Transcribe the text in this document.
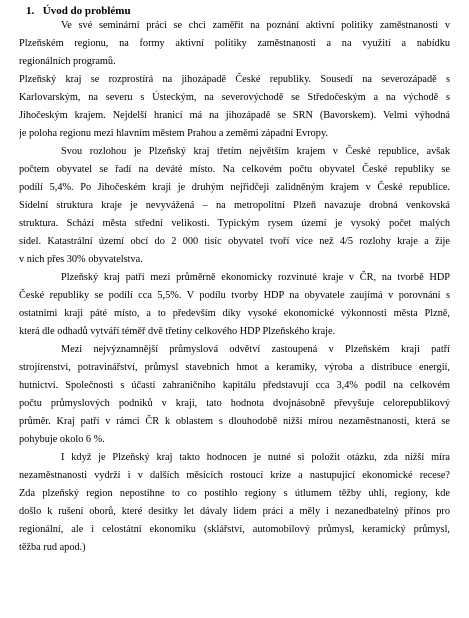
1. Úvod do problému
Ve své seminární práci se chci zaměřit na poznání aktivní politiky zaměstnanosti v
Plzeňském regionu, na formy aktivní politiky zaměstnanosti a na využití a nabídku
regionálních programů.
Plzeňský kraj se rozprostírá na jihozápadě České republiky. Sousedí na severozápadě s
Karlovarským, na severu s Ústeckým, na severovýchodě se Středočeským a na východě s
Jihočeským krajem. Nejdelší hranicí má na jihozápadě se SRN (Bavorskem). Velmi výhodná
je poloha regionu mezi hlavním městem Prahou a zeměmi západní Evropy.
Svou rozlohou je Plzeňský kraj třetím největším krajem v České republice, avšak
počtem obyvatel se řadí na deváté místo. Na celkovém počtu obyvatel České republiky se
podílí 5,4%. Po Jihočeském kraji je druhým nejřidčeji zalidněným krajem v České republice.
Sídelní struktura kraje je nevyvážená – na metropolitní Plzeň navazuje drobná venkovská
struktura. Schází města střední velikosti. Typickým rysem území je vysoký počet malých
sídel. Katastrální území obcí do 2 000 tisíc obyvatel tvoří více než 4/5 rozlohy kraje a žije
v nich přes 30% obyvatelstva.
Plzeňský kraj patří mezi průměrně ekonomicky rozvinuté kraje v ČR, na tvorbě HDP
České republiky se podílí cca 5,5%. V podílu tvorby HDP na obyvatele zaujímá v porovnání s
ostatními kraji páté místo, a to především díky vysoké ekonomické výkonnosti města Plzně,
která dle odhadů vytváří téměř dvě třetiny celkového HDP Plzeňského kraje.
Mezi nejvýznamnější průmyslová odvětví zastoupená v Plzeňském kraji patří
strojírenství, potravinářství, průmysl stavebních hmot a keramiky, výroba a distribuce energií,
hutnictví. Společnosti s účastí zahraničního kapitálu představují cca 3,4% podíl na celkovém
počtu průmyslových podniků v kraji, tato hodnota dvojnásobně převyšuje celorepublikový
průměr. Kraj patří v rámci ČR k oblastem s dlouhodobě nižší mírou nezaměstnanosti, která se
pohybuje okolo 6 %.
I když je Plzeňský kraj takto hodnocen je nutné si položit otázku, zda nižší míra
nezaměstnanosti vydrží i v dalších měsících rostoucí krize a nastupující ekonomické recese?
Zda plzeňský region nepostihne to co postihlo regiony s útlumem těžby uhlí, regiony, kde
došlo k rušení oborů, které desítky let dávaly lidem práci a měly i nezanedbatelný přínos pro
regionální, ale i celostátní ekonomiku (sklářství, automobilový průmysl, keramický průmysl,
těžba rud apod.)
